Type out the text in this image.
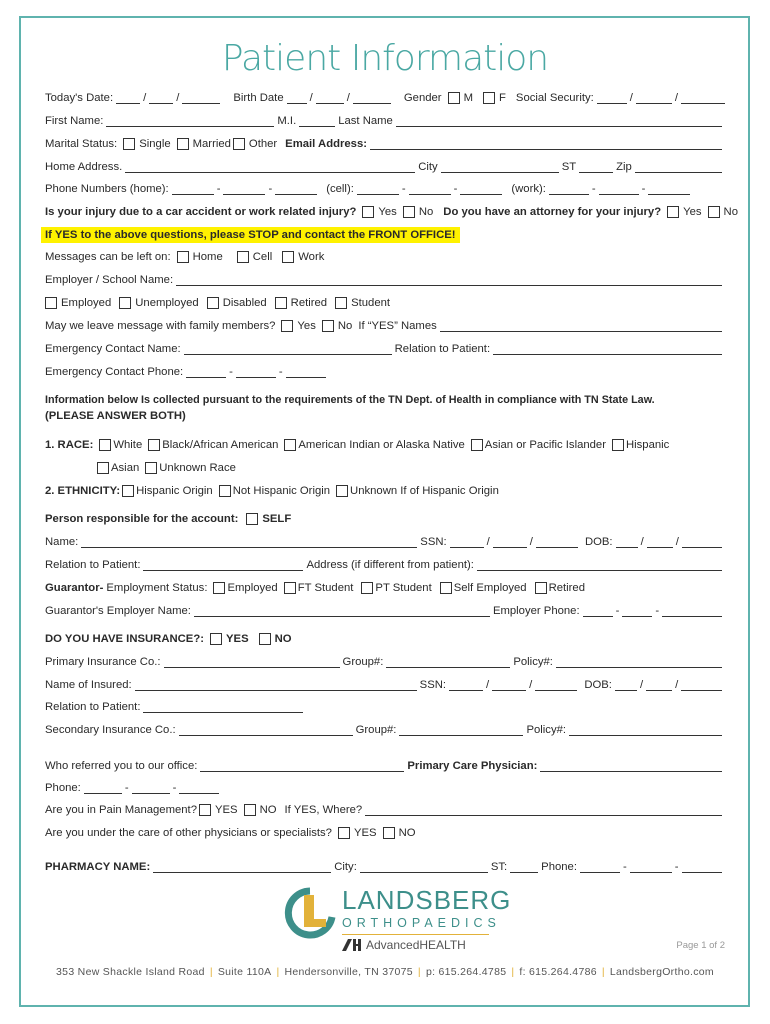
Patient Information
Today's Date:	/	/	Birth Date /	/	Gender M F Social Security:	/	/
First Name:	M.I.	Last Name
Marital Status: Single Married Other Email Address:
Home Address.	City	ST	Zip
Phone Numbers (home):	-	-	(cell):	-	-	(work):	-	-
Is your injury due to a car accident or work related injury? Yes No Do you have an attorney for your injury? Yes No
If YES to the above questions, please STOP and contact the FRONT OFFICE!
Messages can be left on: Home	Cell Work
Employer / School Name:
Employed Unemployed Disabled Retired Student
May we leave message with family members? Yes No If “YES” Names
Emergency Contact Name:	Relation to Patient:
Emergency Contact Phone:	-	-
Information below Is collected pursuant to the requirements of the TN Dept. of Health in compliance with TN State Law.
(PLEASE ANSWER BOTH)
1. RACE: White Black/African American American Indian or Alaska Native Asian or Pacific Islander Hispanic
Asian Unknown Race
2. ETHNICITY: Hispanic Origin Not Hispanic Origin Unknown If of Hispanic Origin
Person responsible for the account: SELF
Name:	SSN:	/	/	DOB: /	/
Relation to Patient:	Address (if different from patient):
Guarantor- Employment Status: Employed FT Student PT Student Self Employed Retired
Guarantor's Employer Name:	Employer Phone:	-	-
DO YOU HAVE INSURANCE?: YES NO
Primary Insurance Co.:	Group#:	Policy#:
Name of Insured:	SSN:	/	/	DOB: /	/
Relation to Patient:
Secondary Insurance Co.:	Group#:	Policy#:
Who referred you to our office:	Primary Care Physician:
Phone:	-	-
Are you in Pain Management? YES NO If YES, Where?
Are you under the care of other physicians or specialists? YES NO
PHARMACY NAME:	City:	ST:	Phone:	-	-
LANDSBERG
ORTHOPAEDICS
AdvancedHEALTH	Page 1 of 2
353 New Shackle Island Road | Suite 110A | Hendersonville, TN 37075 | p: 615.264.4785 | f: 615.264.4786 | LandsbergOrtho.com
